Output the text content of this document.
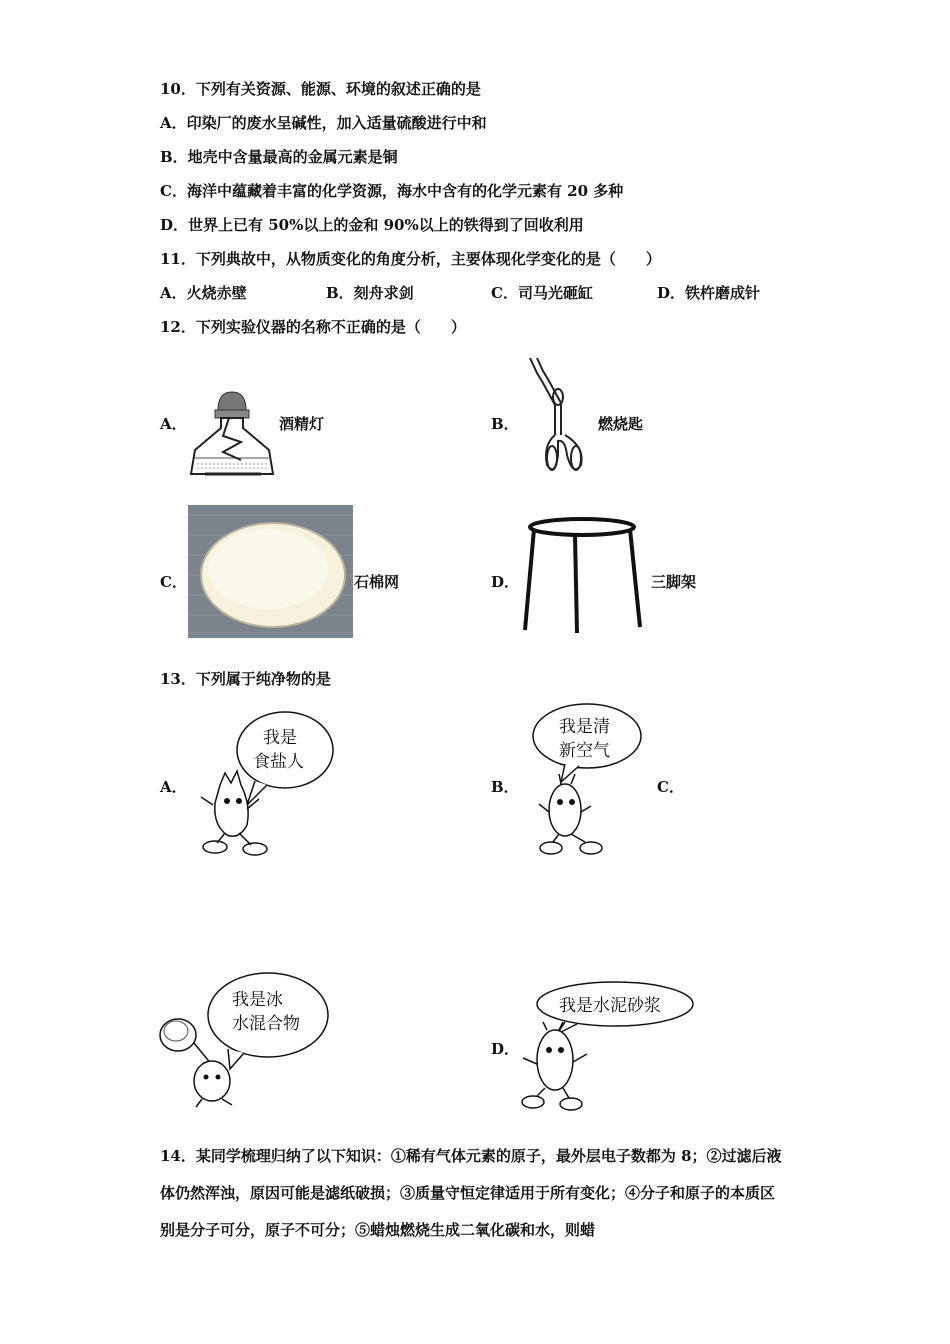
10．下列有关资源、能源、环境的叙述正确的是
A．印染厂的废水呈碱性，加入适量硫酸进行中和
B．地壳中含量最高的金属元素是铜
C．海洋中蕴藏着丰富的化学资源，海水中含有的化学元素有 20 多种
D．世界上已有 50%以上的金和 90%以上的铁得到了回收利用
11．下列典故中，从物质变化的角度分析，主要体现化学变化的是（　　）
A．火烧赤壁	B．刻舟求剑	C．司马光砸缸	D．铁杵磨成针
12．下列实验仪器的名称不正确的是（　　）
A．	酒精灯	B．	燃烧匙
C．	石棉网	D．	三脚架
13．下列属于纯净物的是
A．
我是
食盐人
B．
我是清
新空气
C．
我是冰
水混合物
D．
我是水泥砂浆
14．某同学梳理归纳了以下知识：①稀有气体元素的原子，最外层电子数都为 8；②过滤后液体仍然浑浊，原因可能是滤纸破损；③质量守恒定律适用于所有变化；④分子和原子的本质区别是分子可分，原子不可分；⑤蜡烛燃烧生成二氧化碳和水，则蜡
